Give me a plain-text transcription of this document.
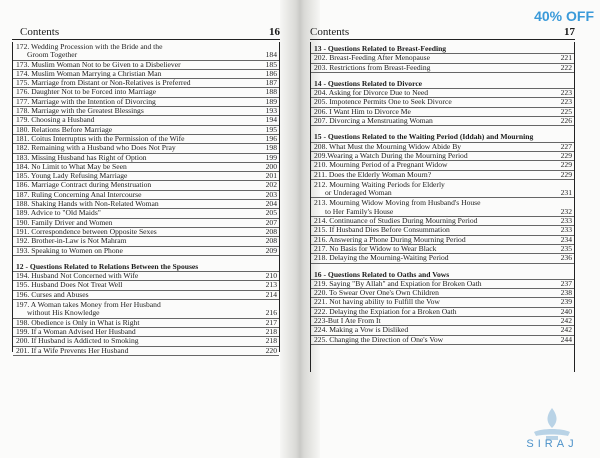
Contents	16
172. Wedding Procession with the Bride and the
Groom Together	184
173. Muslim Woman Not to be Given to a Disbeliever	185
174. Muslim Woman Marrying a Christian Man	186
175. Marriage from Distant or Non-Relatives is Preferred	187
176. Daughter Not to be Forced into Marriage	188
177. Marriage with the Intention of Divorcing	189
178. Marriage with the Greatest Blessings	193
179. Choosing a Husband	194
180. Relations Before Marriage	195
181. Coitus Interruptus with the Permission of the Wife	196
182. Remaining with a Husband who Does Not Pray	198
183. Missing Husband has Right of Option	199
184. No Limit to What May be Seen	200
185. Young Lady Refusing Marriage	201
186. Marriage Contract during Menstruation	202
187. Ruling Concerning Anal Intercourse	203
188. Shaking Hands with Non-Related Woman	204
189. Advice to "Old Maids"	205
190. Family Driver and Women	207
191. Correspondence between Opposite Sexes	208
192. Brother-in-Law is Not Mahram	208
193. Speaking to Women on Phone	209
12 - Questions Related to Relations Between the Spouses
194. Husband Not Concerned with Wife	210
195. Husband Does Not Treat Well	213
196. Curses and Abuses	214
197. A Woman takes Money from Her Husband
without His Knowledge	216
198. Obedience is Only in What is Right	217
199. If a Woman Advised Her Husband	218
200. If Husband is Addicted to Smoking	218
201. If a Wife Prevents Her Husband	220
Contents	17
13 - Questions Related to Breast-Feeding
202. Breast-Feeding After Menopause	221
203. Restrictions from Breast-Feeding	222
14 - Questions Related to Divorce
204. Asking for Divorce Due to Need	223
205. Impotence Permits One to Seek Divorce	223
206. I Want Him to Divorce Me	225
207. Divorcing a Menstruating Woman	226
15 - Questions Related to the Waiting Period (Iddah) and Mourning
208. What Must the Mourning Widow Abide By	227
209.Wearing a Watch During the Mourning Period	229
210. Mourning Period of a Pregnant Widow	229
211. Does the Elderly Woman Mourn?	229
212. Mourning Waiting Periods for Elderly
or Underaged Woman	231
213. Mourning Widow Moving from Husband's House
to Her Family's House	232
214. Continuance of Studies During Mourning Period	233
215. If Husband Dies Before Consummation	233
216. Answering a Phone During Mourning Period	234
217. No Basis for Widow to Wear Black	235
218. Delaying the Mourning-Waiting Period	236
16 - Questions Related to Oaths and Vows
219. Saying "By Allah" and Expiation for Broken Oath	237
220. To Swear Over One's Own Children	238
221. Not having ability to Fulfill the Vow	239
222. Delaying the Expiation for a Broken Oath	240
223-But I Ate From It	242
224. Making a Vow is Disliked	242
225. Changing the Direction of One's Vow	244
40% OFF
SIRAJ
